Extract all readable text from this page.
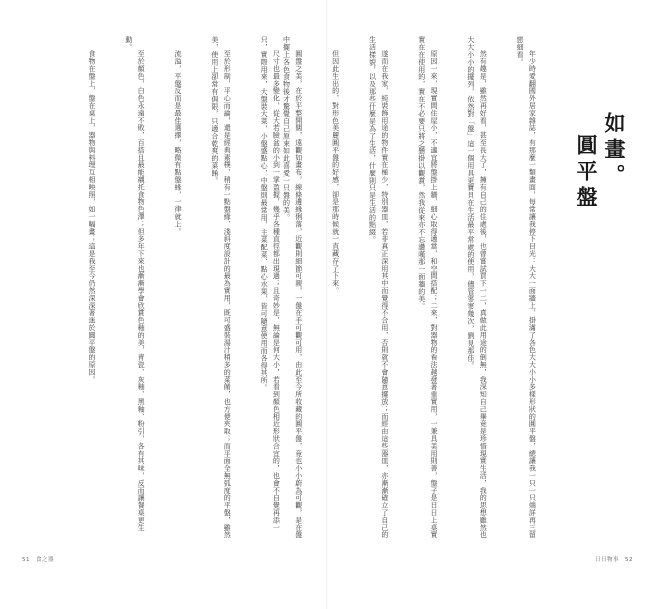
如畫。
圓平盤

年少時愛翻國外居家雜誌，有那麼一類畫面，每常讓我停下目光：大大一面牆上，掛滿了各色大大小小多樣形狀的圓平盤，總讓我一只一只端詳再三留戀細看。

然有趣是，雖然再好看，甚至長大了，擁有自己的住處後，也曾嘗試買下一二，真做此用途的倒無，我深知自己畢竟是珍惜現實生活，我的思想雖然也大大小小的擺列，依然對「盤」這一個用具更寶貝在生活最平常處的使用，儘管寥寥幾次，劉見那佳。

原因一來，現實間住屋小，不適宜將盤掛上牆，細心取得適當，和空間搭配；二來，對器物的看法越發著重實用，一兼具美用則善，盤子是日日上桌實實在在使用的，實在不必要只將之懸掛以觀賞，然我從來亦不忘讚嘆那一面牆的美。

遂而在我家，純裝飾用途的物件實在極少，特別器皿，若非真正深用其中而覺得不合用，否則就不會隨意擺放；而經由這些器皿，亦漸漸確立了自己的生活樣貌，以及那些什麼是為了生活，什麼則只是生活的點綴。

但因此生出的，對形色美麗圓平盤的好感，卻是那時候就一直藏存了下來。

圓盤之美，在於平整開闊，遠觀如畫布，線條邊緣俐落，近觀則細節可親，一盤在手可觀可用，由此至今所收藏的圓平盤，竟也小小蔚為可觀，是在盤中擺上各色食物後才驚覺自己原來如此喜愛一只盤的美。

日日物事　52

尺寸也最多變化，從大若臉盆的小到一掌盈握，幾乎各種直徑都出現過；且奇妙是，無論是何大小，若看到顏色相近形狀合宜的，也會不自覺再添一只，實際用來，大盤裝大菜，小盤盛點心，中盤則最常用，主菜配菜、點心水果，皆可隨意使用而各得其所。

至於形制，平心而論，還是經典素樸、稍有一點盤緣、淺斜度設計的最為實用，既可盛裝湯汁稍多的菜餚，也方便夾取；而平面全無弧度的平盤，雖然美，使用上卻常有侷限，只適合乾爽的菜餚。

流溢，平盤反而是最佳選擇，略微有點盤緣，一律就上。

至於顏色，白色永遠不敗，百搭且最能襯托食物色澤；但多年下來也漸漸學會欣賞色釉的美，青瓷、灰釉、黑釉、粉引，各有其味，反而讓餐桌更生動。

食物在盤上，盤在桌上，器物與料理互相映照，如一幅畫；這是我至今仍然深深著迷於圓平盤的原因。

51　食之器
